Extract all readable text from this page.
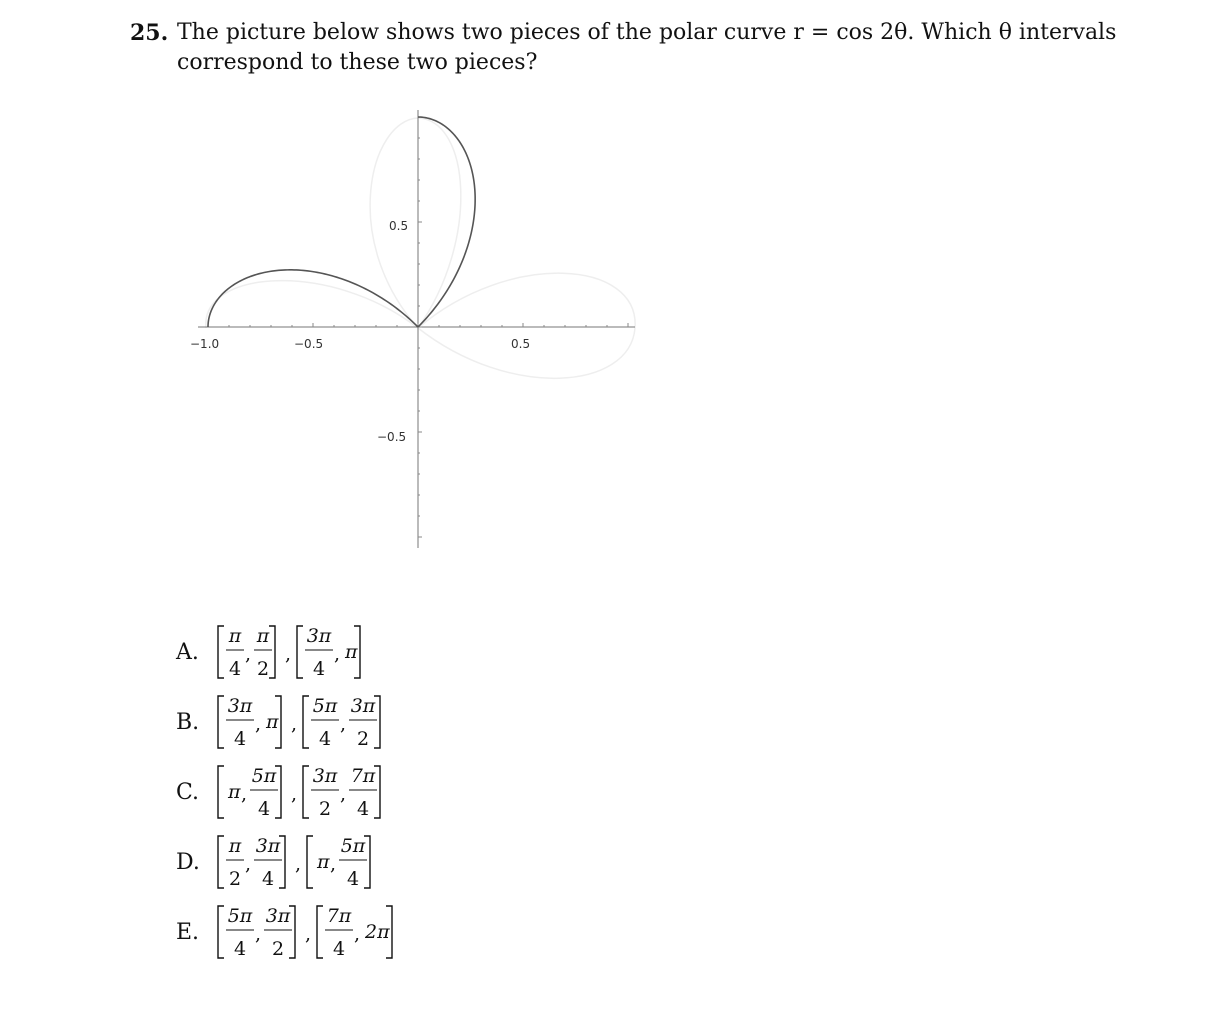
25. The picture below shows two pieces of the polar curve r = cos 2θ. Which θ intervals
correspond to these two pieces?
−1.0	−0.5	0.5
0.5
−0.5
A.
π
4
,
π
2
,
3π
4
, π
B.
3π
4
, π ,
5π
4
,
3π
2
C. π ,
5π
4
,
3π
2
,
7π
4
D.
π
2
,
3π
4
, π ,
5π
4
E.
5π
4
,
3π
2
,
7π
4
, 2π
